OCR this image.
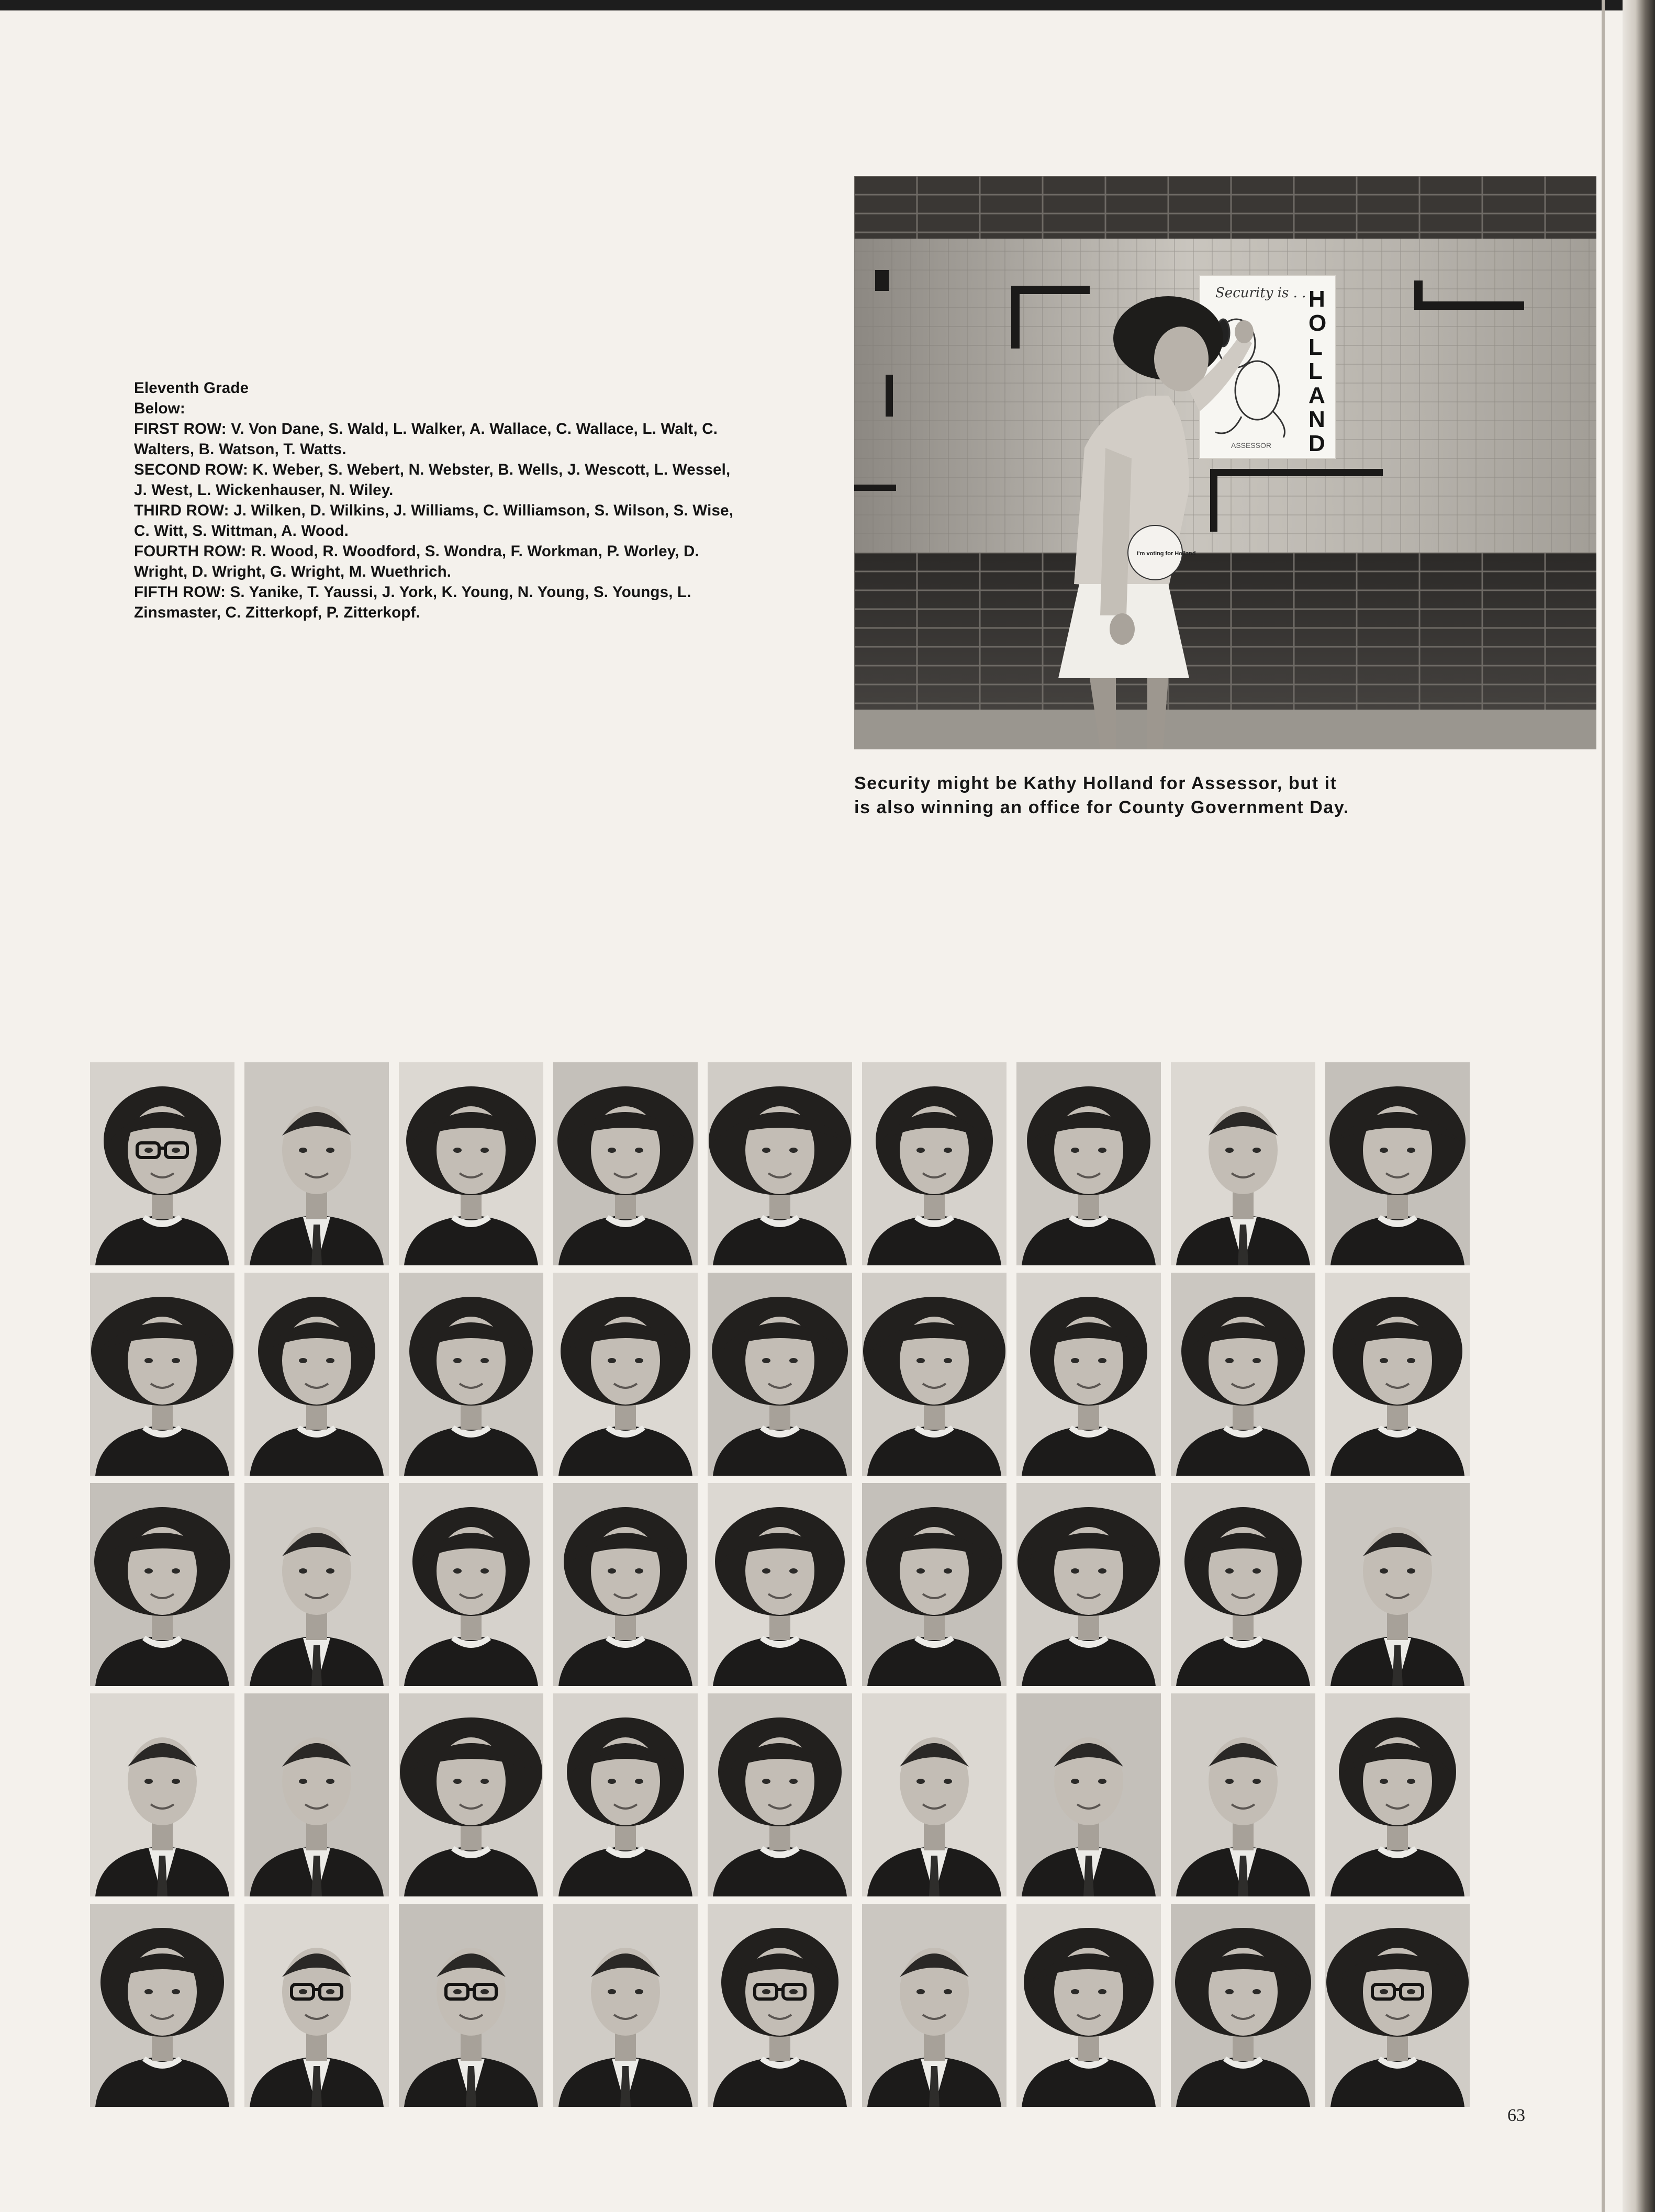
Eleventh Grade
Below:
FIRST ROW: V. Von Dane, S. Wald, L. Walker, A. Wallace, C. Wallace, L. Walt, C.
Walters, B. Watson, T. Watts.
SECOND ROW: K. Weber, S. Webert, N. Webster, B. Wells, J. Wescott, L. Wessel,
J. West, L. Wickenhauser, N. Wiley.
THIRD ROW: J. Wilken, D. Wilkins, J. Williams, C. Williamson, S. Wilson, S. Wise,
C. Witt, S. Wittman, A. Wood.
FOURTH ROW: R. Wood, R. Woodford, S. Wondra, F. Workman, P. Worley, D.
Wright, D. Wright, G. Wright, M. Wuethrich.
FIFTH ROW: S. Yanike, T. Yaussi, J. York, K. Young, N. Young, S. Youngs, L.
Zinsmaster, C. Zitterkopf, P. Zitterkopf.
Security is . . .
H
O
L
L
A
N
D
ASSESSOR
I'm voting for Holland
Security might be Kathy Holland for Assessor, but it
is also winning an office for County Government Day.
63
